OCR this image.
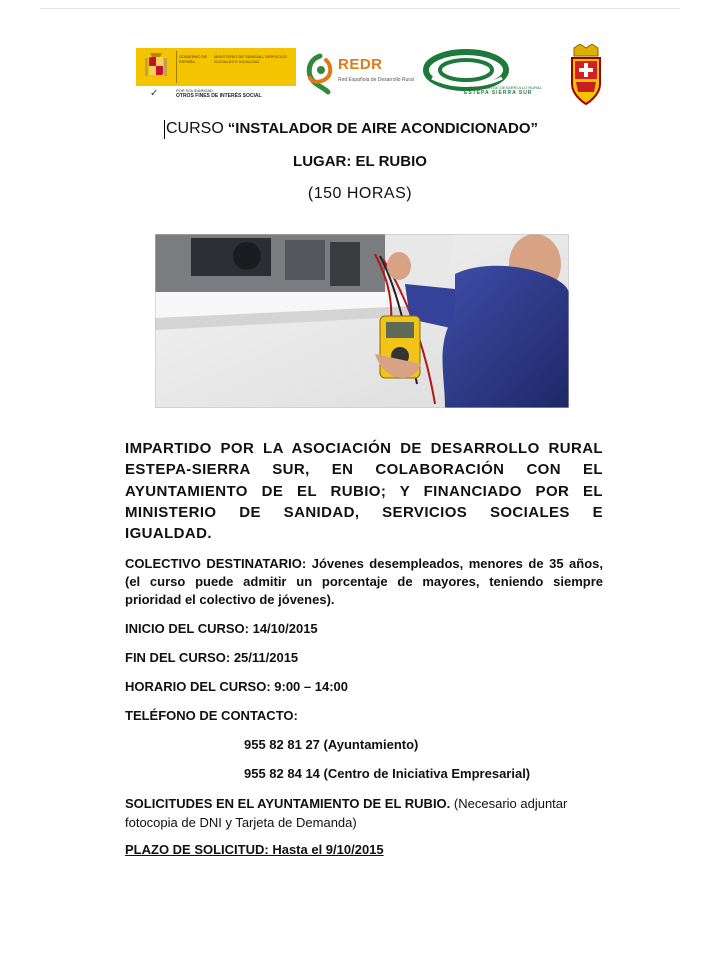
GOBIERNO DE ESPAÑA
MINISTERIO DE SANIDAD, SERVICIOS SOCIALES E IGUALDAD
✓	POR SOLIDARIDAD
OTROS FINES DE INTERÉS SOCIAL
REDR
Red Española de Desarrollo Rural
ASOCIACIÓN DE DESARROLLO RURAL
ESTEPA SIERRA SUR
CURSO “INSTALADOR DE AIRE ACONDICIONADO”
LUGAR: EL RUBIO
(150 HORAS)
IMPARTIDO POR LA ASOCIACIÓN DE DESARROLLO RURAL ESTEPA-SIERRA SUR, EN COLABORACIÓN CON EL AYUNTAMIENTO DE EL RUBIO; Y FINANCIADO POR EL MINISTERIO DE SANIDAD, SERVICIOS SOCIALES E IGUALDAD.
COLECTIVO DESTINATARIO: Jóvenes desempleados, menores de 35 años, (el curso puede admitir un porcentaje de mayores, teniendo siempre prioridad el colectivo de jóvenes).
INICIO DEL CURSO: 14/10/2015
FIN DEL CURSO: 25/11/2015
HORARIO DEL CURSO: 9:00 – 14:00
TELÉFONO DE CONTACTO:
955 82 81 27 (Ayuntamiento)
955 82 84 14 (Centro de Iniciativa Empresarial)
SOLICITUDES EN EL AYUNTAMIENTO DE EL RUBIO. (Necesario adjuntar fotocopia de DNI y Tarjeta de Demanda)
PLAZO DE SOLICITUD: Hasta el 9/10/2015
